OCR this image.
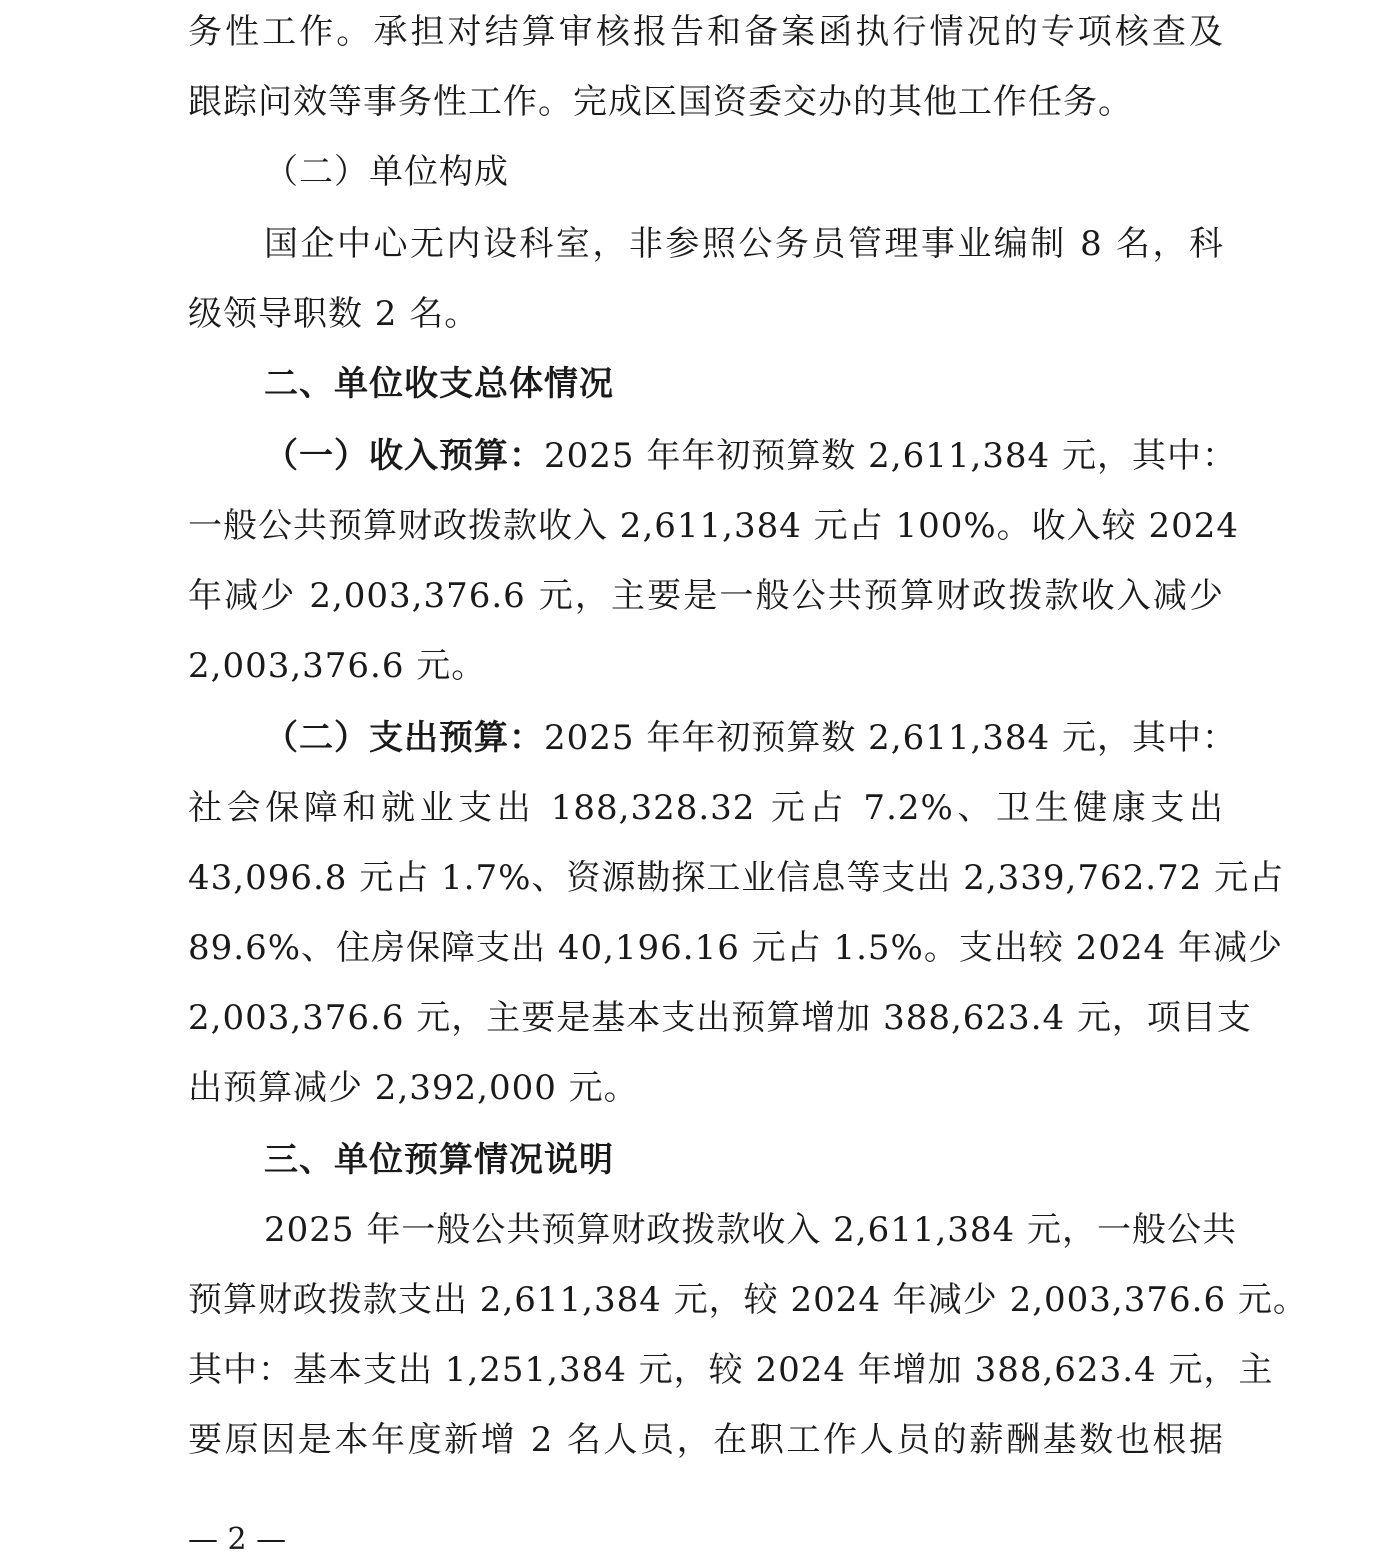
务性工作。承担对结算审核报告和备案函执行情况的专项核查及
跟踪问效等事务性工作。完成区国资委交办的其他工作任务。
（二）单位构成
国企中心无内设科室，非参照公务员管理事业编制 8 名，科
级领导职数 2 名。
二、单位收支总体情况
（一）收入预算：2025 年年初预算数 2,611,384 元，其中：
一般公共预算财政拨款收入 2,611,384 元占 100%。收入较 2024
年减少 2,003,376.6 元，主要是一般公共预算财政拨款收入减少
2,003,376.6 元。
（二）支出预算：2025 年年初预算数 2,611,384 元，其中：
社会保障和就业支出 188,328.32 元占 7.2%、卫生健康支出
43,096.8 元占 1.7%、资源勘探工业信息等支出 2,339,762.72 元占
89.6%、住房保障支出 40,196.16 元占 1.5%。支出较 2024 年减少
2,003,376.6 元，主要是基本支出预算增加 388,623.4 元，项目支
出预算减少 2,392,000 元。
三、单位预算情况说明
2025 年一般公共预算财政拨款收入 2,611,384 元，一般公共
预算财政拨款支出 2,611,384 元，较 2024 年减少 2,003,376.6 元。
其中：基本支出 1,251,384 元，较 2024 年增加 388,623.4 元，主
要原因是本年度新增 2 名人员，在职工作人员的薪酬基数也根据
— 2 —
